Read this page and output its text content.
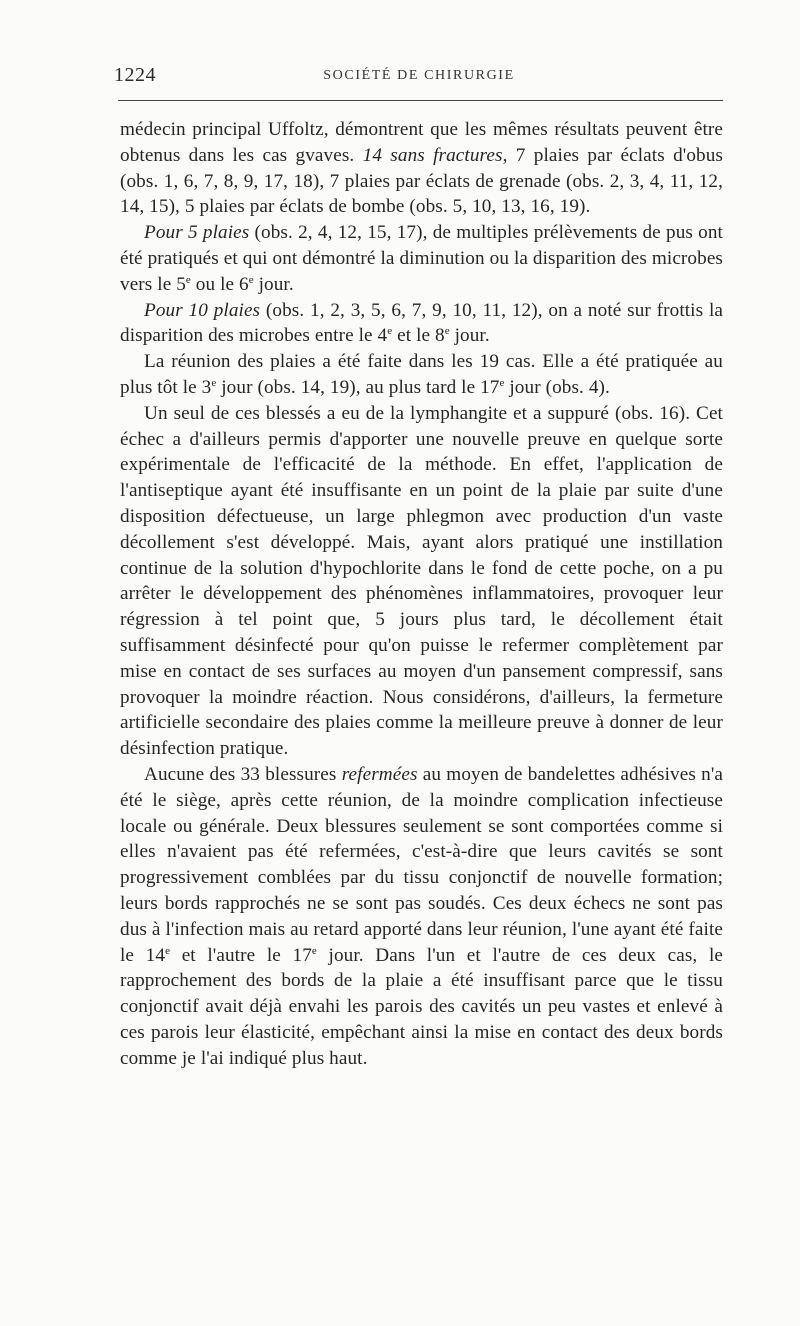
1224	SOCIÉTÉ DE CHIRURGIE

médecin principal Uffoltz, démontrent que les mêmes résultats peuvent être obtenus dans les cas gvaves. 14 sans fractures, 7 plaies par éclats d'obus (obs. 1, 6, 7, 8, 9, 17, 18), 7 plaies par éclats de grenade (obs. 2, 3, 4, 11, 12, 14, 15), 5 plaies par éclats de bombe (obs. 5, 10, 13, 16, 19).

Pour 5 plaies (obs. 2, 4, 12, 15, 17), de multiples prélèvements de pus ont été pratiqués et qui ont démontré la diminution ou la disparition des microbes vers le 5e ou le 6e jour.

Pour 10 plaies (obs. 1, 2, 3, 5, 6, 7, 9, 10, 11, 12), on a noté sur frottis la disparition des microbes entre le 4e et le 8e jour.

La réunion des plaies a été faite dans les 19 cas. Elle a été pratiquée au plus tôt le 3e jour (obs. 14, 19), au plus tard le 17e jour (obs. 4).

Un seul de ces blessés a eu de la lymphangite et a suppuré (obs. 16). Cet échec a d'ailleurs permis d'apporter une nouvelle preuve en quelque sorte expérimentale de l'efficacité de la méthode. En effet, l'application de l'antiseptique ayant été insuffisante en un point de la plaie par suite d'une disposition défectueuse, un large phlegmon avec production d'un vaste décollement s'est développé. Mais, ayant alors pratiqué une instillation continue de la solution d'hypochlorite dans le fond de cette poche, on a pu arrêter le développement des phénomènes inflammatoires, provoquer leur régression à tel point que, 5 jours plus tard, le décollement était suffisamment désinfecté pour qu'on puisse le refermer complètement par mise en contact de ses surfaces au moyen d'un pansement compressif, sans provoquer la moindre réaction. Nous considérons, d'ailleurs, la fermeture artificielle secondaire des plaies comme la meilleure preuve à donner de leur désinfection pratique.

Aucune des 33 blessures refermées au moyen de bandelettes adhésives n'a été le siège, après cette réunion, de la moindre complication infectieuse locale ou générale. Deux blessures seulement se sont comportées comme si elles n'avaient pas été refermées, c'est-à-dire que leurs cavités se sont progressivement comblées par du tissu conjonctif de nouvelle formation; leurs bords rapprochés ne se sont pas soudés. Ces deux échecs ne sont pas dus à l'infection mais au retard apporté dans leur réunion, l'une ayant été faite le 14e et l'autre le 17e jour. Dans l'un et l'autre de ces deux cas, le rapprochement des bords de la plaie a été insuffisant parce que le tissu conjonctif avait déjà envahi les parois des cavités un peu vastes et enlevé à ces parois leur élasticité, empêchant ainsi la mise en contact des deux bords comme je l'ai indiqué plus haut.
